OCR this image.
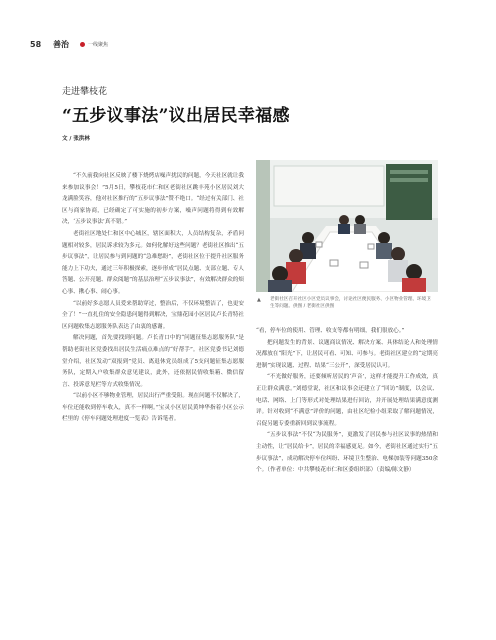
58 善治	一线聚焦
走进攀枝花
“五步议事法”议出居民幸福感
文 / 张洪林

“不久前我向社区反映了楼下烧烤店噪声扰民的问题，今天社区就让我来参加议事会！”5月5日，攀枝花市仁和区老街社区跳丰苑小区居民刘大龙满脸笑容，他对社区推行的“五步议事法”赞不绝口。“经过有关部门、社区与商家协商，已经确定了可实施的初步方案，噪声问题将得到有效解决，‘五步议事法’真不错。”

老街社区地处仁和区中心城区，辖区面积大，人员结构复杂，矛盾问题相对较多，居民诉求较为多元。如何化解好这些问题？老街社区推出“五步议事法”，让居民参与到问题的“急难愁盼”，老街社区位于提升社区服务能力上下功夫，通过三年积极探索，逐步形成“居民点题、支部立题、专人答题、公开亮题、群众阅题”的基层治理“五步议事法”，有效解决群众的烦心事、揪心事、闹心事。

“以前好多志愿人员爱来帮助穿过，整治后，不仅环境整洁了，也更安全了！”一直扎住的安全隐患问题得到解决，宝鼎花园小区居民卢长青特社区问题收集志愿服务队表达了由衷的感谢。

解决问题，首先要找到问题。卢长青口中的“问题征集志愿服务队”是帮助老街社区党委找出居民生活痛点难点的“好帮手”。社区党委书记刘德堂介绍，社区发动“双报到”党员、离退休党员组成了5支问题征集志愿服务队，定期入户收集群众意见建议，此外，还依据民情收集箱、微信留言、投诉意见栏等方式收集情况。

“以前小区不够物业管理，居民出行严重受阻。现在问题不仅解决了，车位还能收到停车收入，真不一样啊。”宝灵小区居民黄坤华指着小区公示栏里的《停车问题处理进度一览表》告诉笔者。

▲ 老街社区召开社区小区党员议事会，讨论社区便民服务、小区物业管理、环境卫生等问题。供图 / 老街社区供图

“看，停车位的使用、管理、收支等都有明细，我们很放心。”

把问题发生的背景、议题商议情况、解决方案、具体结论人和处理情况都放在“阳光”下，让居民可看、可知、可参与。老街社区建立的“定期亮进制”实现议题、过程、结果“三公开”，深受居民认可。

“不光做好服务，还要倾听居民的‘声音’，这样才能提升工作成效，真正让群众满意。”刘德堂说，社区和议事会还建立了“回访”制度，以会议、电话、网络、上门等形式对处理结果进行回访，并开展处理结果满意度测评。针对收到“不满意”评价的问题，由社区纪检小组采取了解问题情况，召促另题专委重新回到议事流程。

“五步议事法”不仅“为民服务”，更激发了居民参与社区议事的热情和主动性，让“居民给卡”，居民的幸福感更足。如今，老街社区通过实行“五步议事法”，成功解决停车位纠纷、环境卫生整治、电梯加装等问题350余个。（作者单位：中共攀枝花市仁和区委组织部）（责编/陈文静）
